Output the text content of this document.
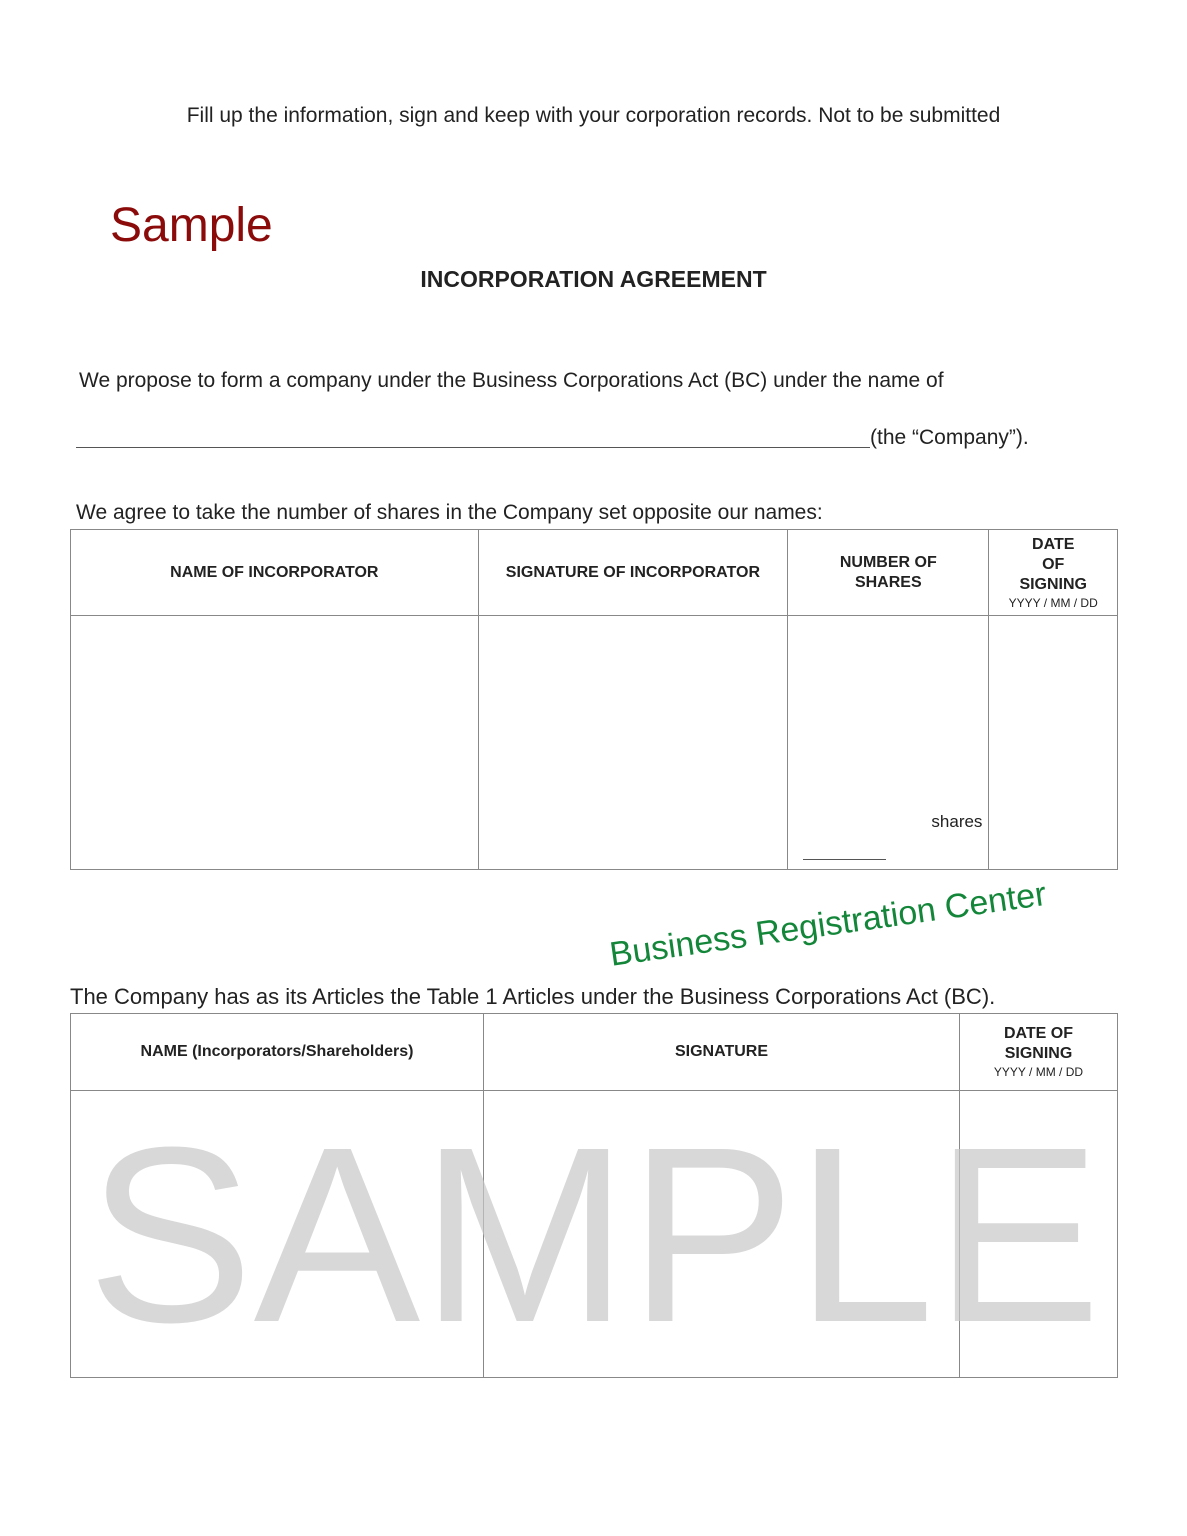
Fill up the information, sign and keep with your corporation records. Not to be submitted
Sample
INCORPORATION AGREEMENT
We propose to form a company under the Business Corporations Act (BC) under the name of
(the “Company”).
We agree to take the number of shares in the Company set opposite our names:
NAME OF INCORPORATOR	SIGNATURE OF INCORPORATOR	NUMBER OF SHARES	DATE OF SIGNING
YYYY / MM / DD

		shares	

The Company has as its Articles the Table 1 Articles under the Business Corporations Act (BC).
NAME (Incorporators/Shareholders)	SIGNATURE	DATE OF SIGNING
YYYY / MM / DD

SAMPLE
Business Registration Center
